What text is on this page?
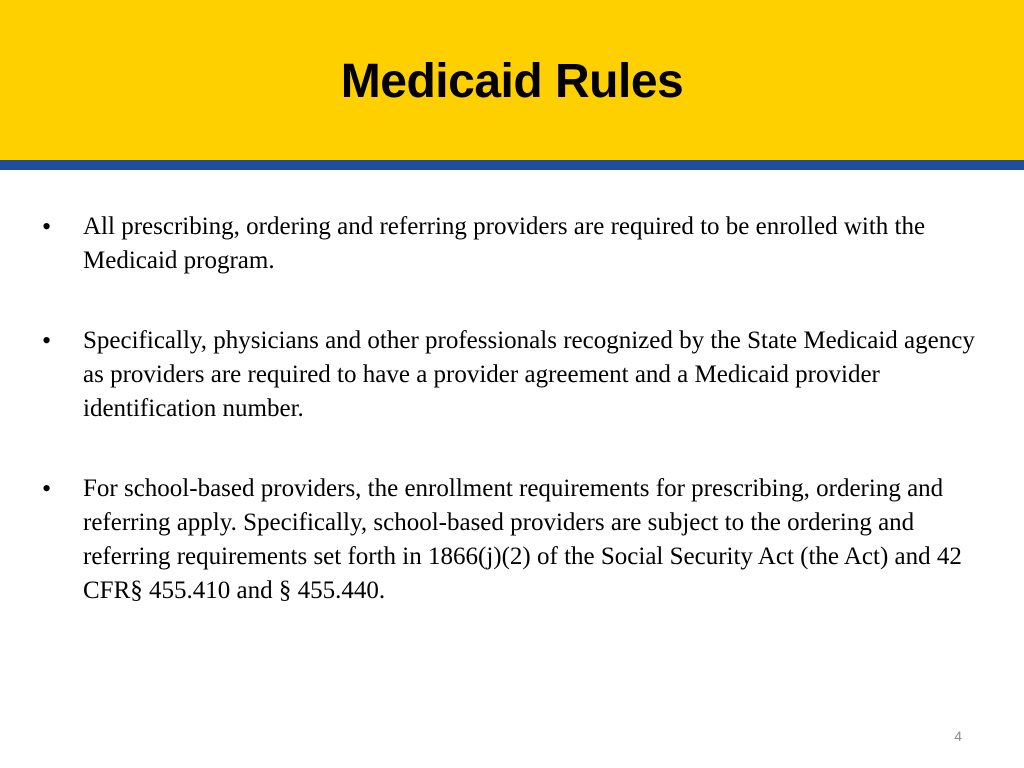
Medicaid Rules
• All prescribing, ordering and referring providers are required to be enrolled with the Medicaid program.
• Specifically, physicians and other professionals recognized by the State Medicaid agency as providers are required to have a provider agreement and a Medicaid provider identification number.
• For school-based providers, the enrollment requirements for prescribing, ordering and referring apply. Specifically, school-based providers are subject to the ordering and referring requirements set forth in 1866(j)(2) of the Social Security Act (the Act) and 42 CFR§ 455.410 and § 455.440.
4
